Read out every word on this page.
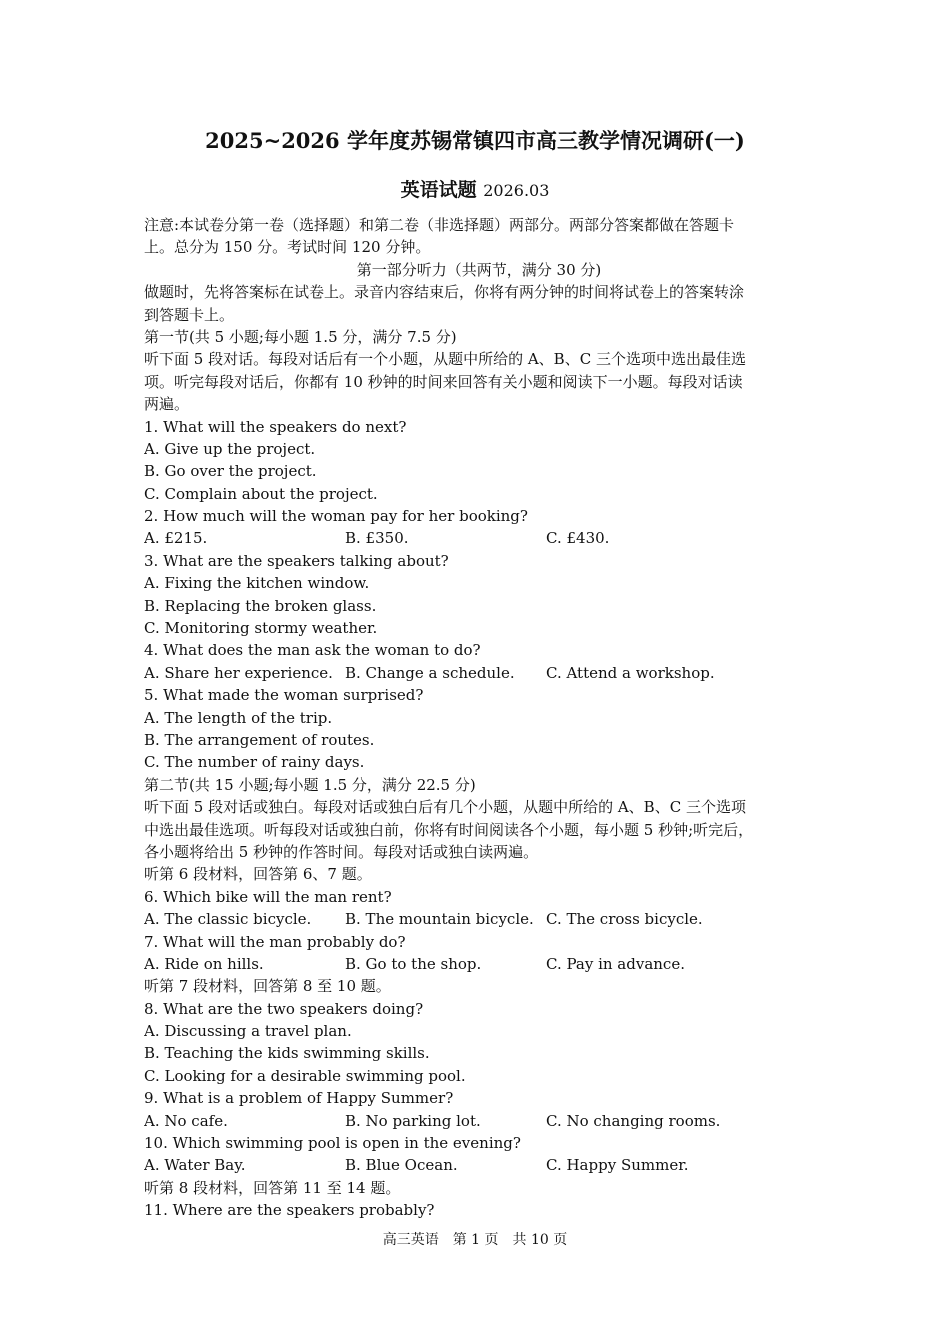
2025~2026 学年度苏锡常镇四市高三教学情况调研(一)
英语试题 2026.03
注意:本试卷分第一卷（选择题）和第二卷（非选择题）两部分。两部分答案都做在答题卡
上。总分为 150 分。考试时间 120 分钟。
第一部分听力（共两节，满分 30 分)
做题时，先将答案标在试卷上。录音内容结束后，你将有两分钟的时间将试卷上的答案转涂
到答题卡上。
第一节(共 5 小题;每小题 1.5 分，满分 7.5 分)
听下面 5 段对话。每段对话后有一个小题，从题中所给的 A、B、C 三个选项中选出最佳选
项。听完每段对话后，你都有 10 秒钟的时间来回答有关小题和阅读下一小题。每段对话读
两遍。
1. What will the speakers do next?
A. Give up the project.
B. Go over the project.
C. Complain about the project.
2. How much will the woman pay for her booking?
A. £215.	B. £350.	C. £430.
3. What are the speakers talking about?
A. Fixing the kitchen window.
B. Replacing the broken glass.
C. Monitoring stormy weather.
4. What does the man ask the woman to do?
A. Share her experience. B. Change a schedule.	C. Attend a workshop.
5. What made the woman surprised?
A. The length of the trip.
B. The arrangement of routes.
C. The number of rainy days.
第二节(共 15 小题;每小题 1.5 分，满分 22.5 分)
听下面 5 段对话或独白。每段对话或独白后有几个小题，从题中所给的 A、B、C 三个选项
中选出最佳选项。听每段对话或独白前，你将有时间阅读各个小题，每小题 5 秒钟;听完后，
各小题将给出 5 秒钟的作答时间。每段对话或独白读两遍。
听第 6 段材料，回答第 6、7 题。
6. Which bike will the man rent?
A. The classic bicycle.	B. The mountain bicycle. C. The cross bicycle.
7. What will the man probably do?
A. Ride on hills.	B. Go to the shop.	C. Pay in advance.
听第 7 段材料，回答第 8 至 10 题。
8. What are the two speakers doing?
A. Discussing a travel plan.
B. Teaching the kids swimming skills.
C. Looking for a desirable swimming pool.
9. What is a problem of Happy Summer?
A. No cafe.	B. No parking lot.	C. No changing rooms.
10. Which swimming pool is open in the evening?
A. Water Bay.	B. Blue Ocean.	C. Happy Summer.
听第 8 段材料，回答第 11 至 14 题。
11. Where are the speakers probably?
高三英语　第 1 页　共 10 页
